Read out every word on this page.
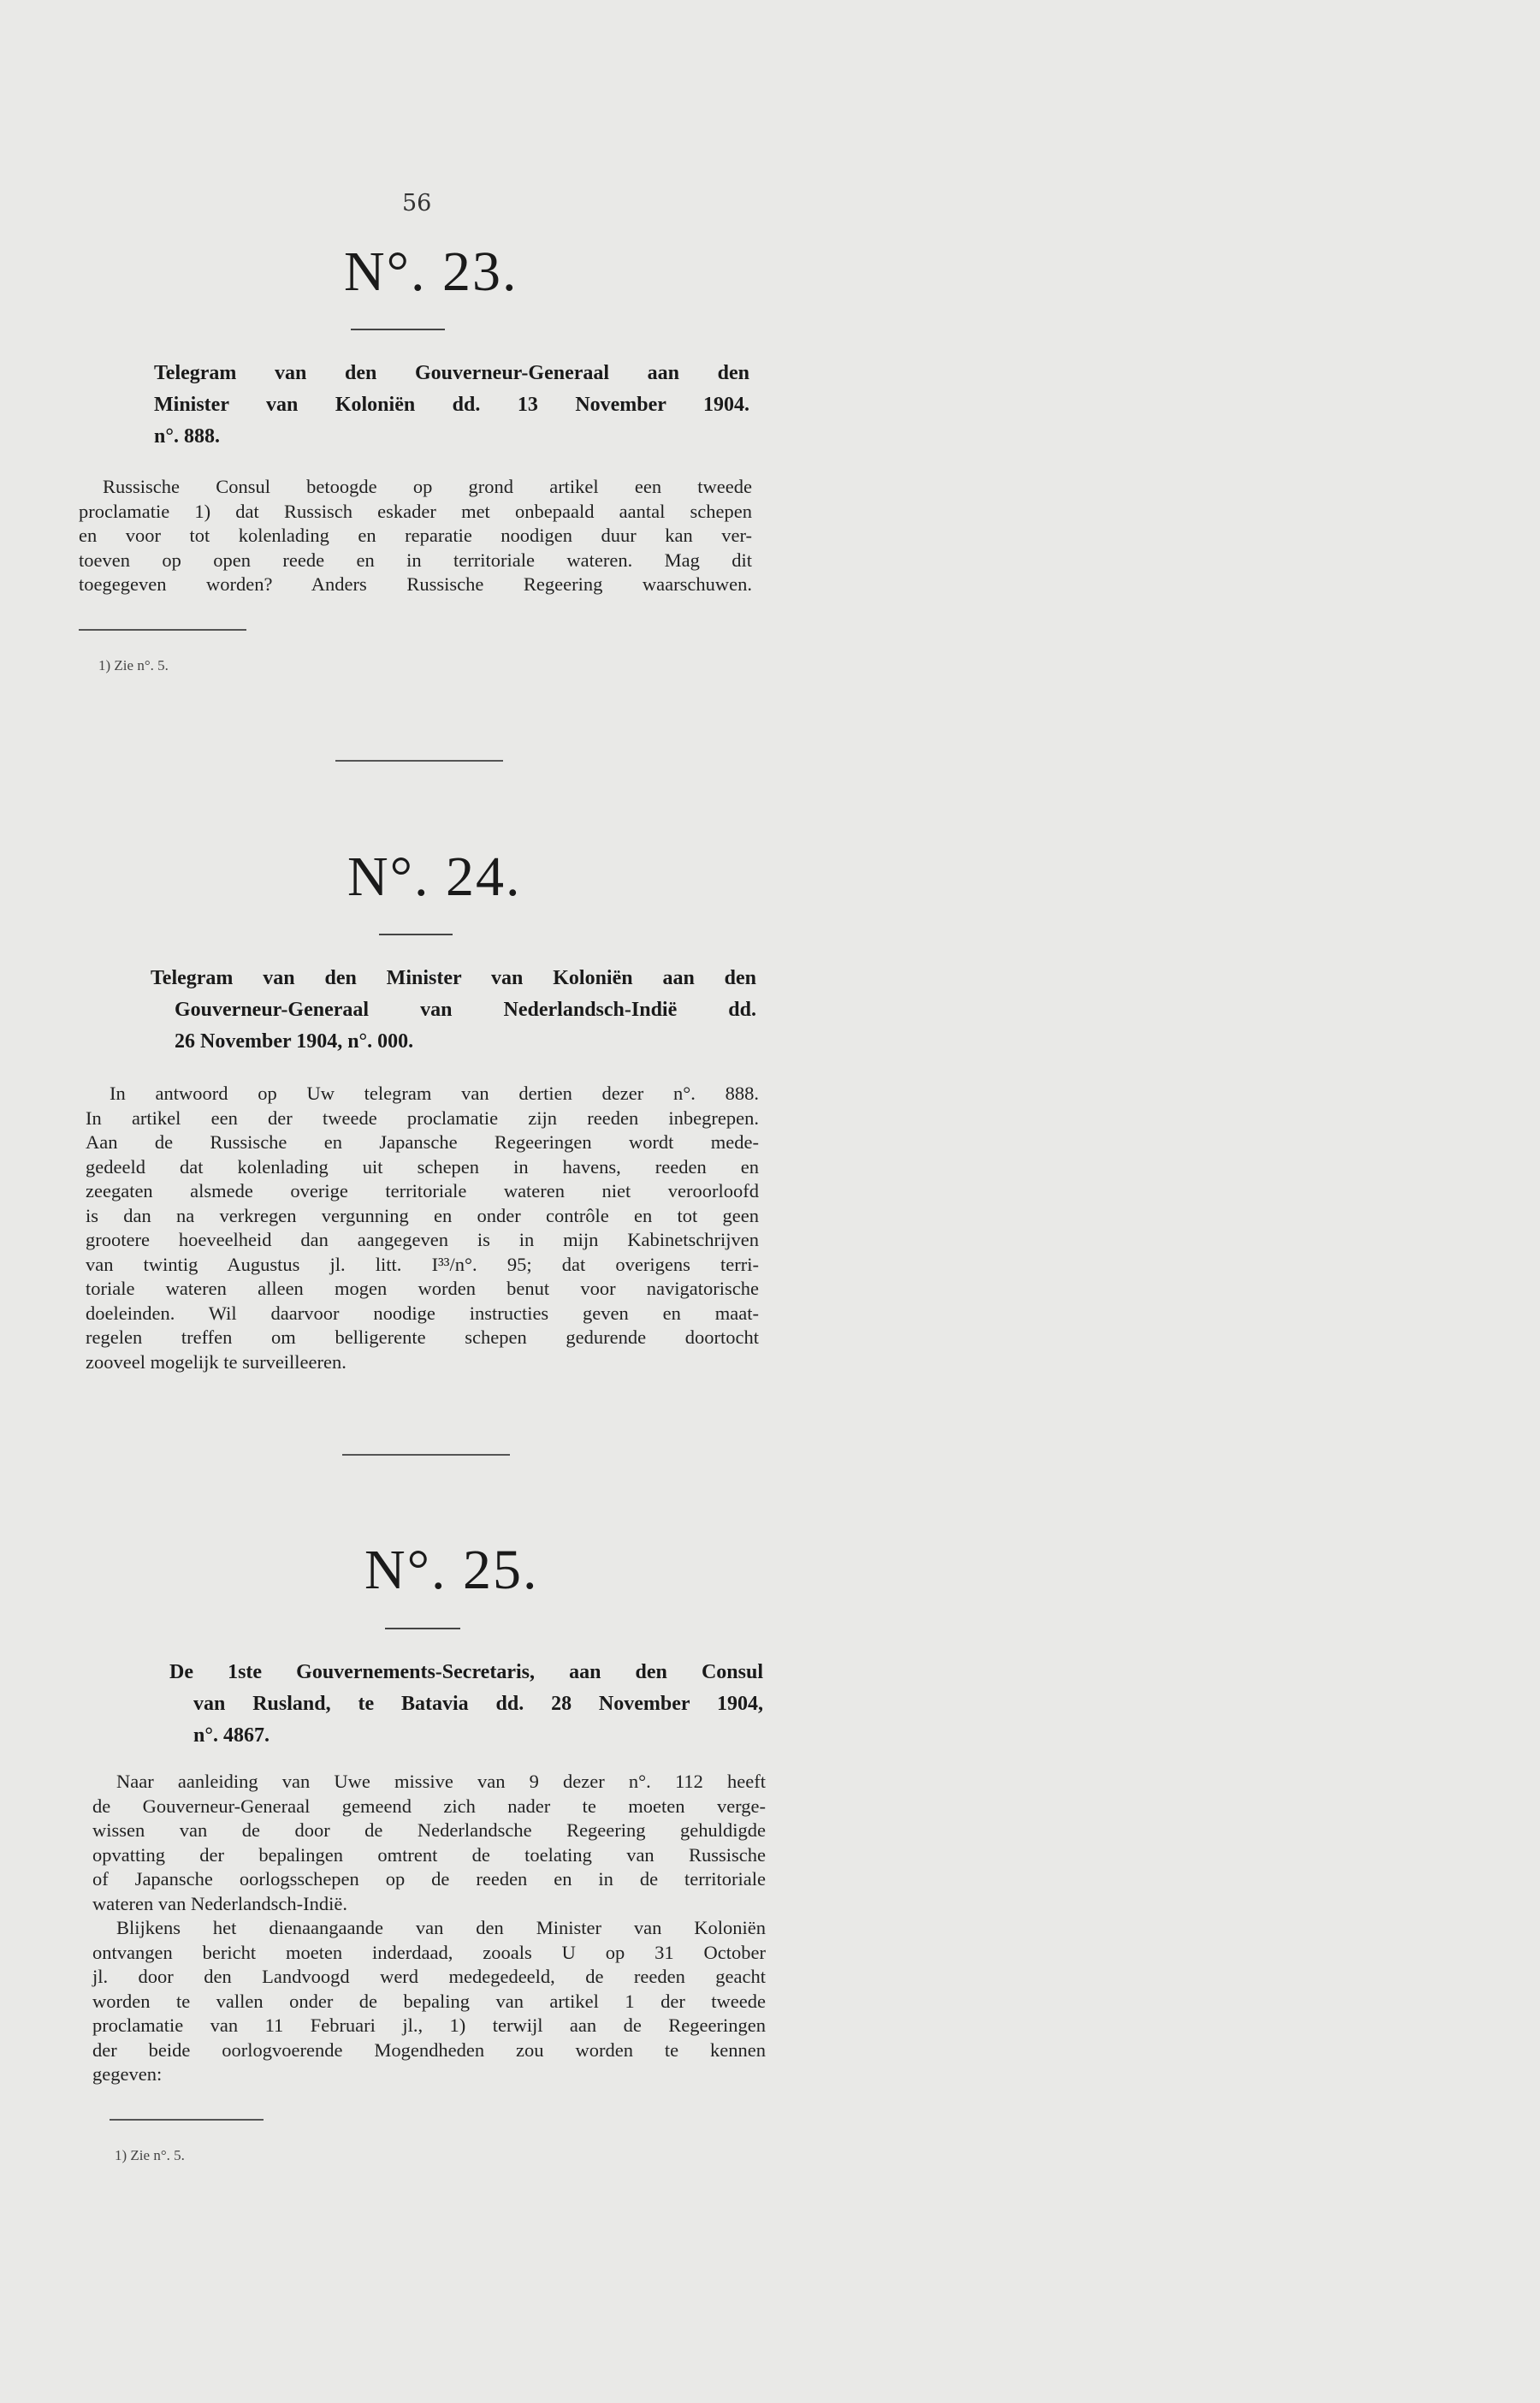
56
N°. 23.
Telegram van den Gouverneur-Generaal aan den
Minister van Koloniën dd. 13 November 1904.
n°. 888.
Russische Consul betoogde op grond artikel een tweede
proclamatie 1) dat Russisch eskader met onbepaald aantal schepen
en voor tot kolenlading en reparatie noodigen duur kan ver-
toeven op open reede en in territoriale wateren. Mag dit
toegegeven worden? Anders Russische Regeering waarschuwen.
1) Zie n°. 5.
N°. 24.
Telegram van den Minister van Koloniën aan den
Gouverneur-Generaal van Nederlandsch-Indië dd.
26 November 1904, n°. 000.
In antwoord op Uw telegram van dertien dezer n°. 888.
In artikel een der tweede proclamatie zijn reeden inbegrepen.
Aan de Russische en Japansche Regeeringen wordt mede-
gedeeld dat kolenlading uit schepen in havens, reeden en
zeegaten alsmede overige territoriale wateren niet veroorloofd
is dan na verkregen vergunning en onder contrôle en tot geen
grootere hoeveelheid dan aangegeven is in mijn Kabinetschrijven
van twintig Augustus jl. litt. I³³/n°. 95; dat overigens terri-
toriale wateren alleen mogen worden benut voor navigatorische
doeleinden. Wil daarvoor noodige instructies geven en maat-
regelen treffen om belligerente schepen gedurende doortocht
zooveel mogelijk te surveilleeren.
N°. 25.
De 1ste Gouvernements-Secretaris, aan den Consul
van Rusland, te Batavia dd. 28 November 1904,
n°. 4867.
Naar aanleiding van Uwe missive van 9 dezer n°. 112 heeft
de Gouverneur-Generaal gemeend zich nader te moeten verge-
wissen van de door de Nederlandsche Regeering gehuldigde
opvatting der bepalingen omtrent de toelating van Russische
of Japansche oorlogsschepen op de reeden en in de territoriale
wateren van Nederlandsch-Indië.
Blijkens het dienaangaande van den Minister van Koloniën
ontvangen bericht moeten inderdaad, zooals U op 31 October
jl. door den Landvoogd werd medegedeeld, de reeden geacht
worden te vallen onder de bepaling van artikel 1 der tweede
proclamatie van 11 Februari jl., 1) terwijl aan de Regeeringen
der beide oorlogvoerende Mogendheden zou worden te kennen
gegeven:
1) Zie n°. 5.
